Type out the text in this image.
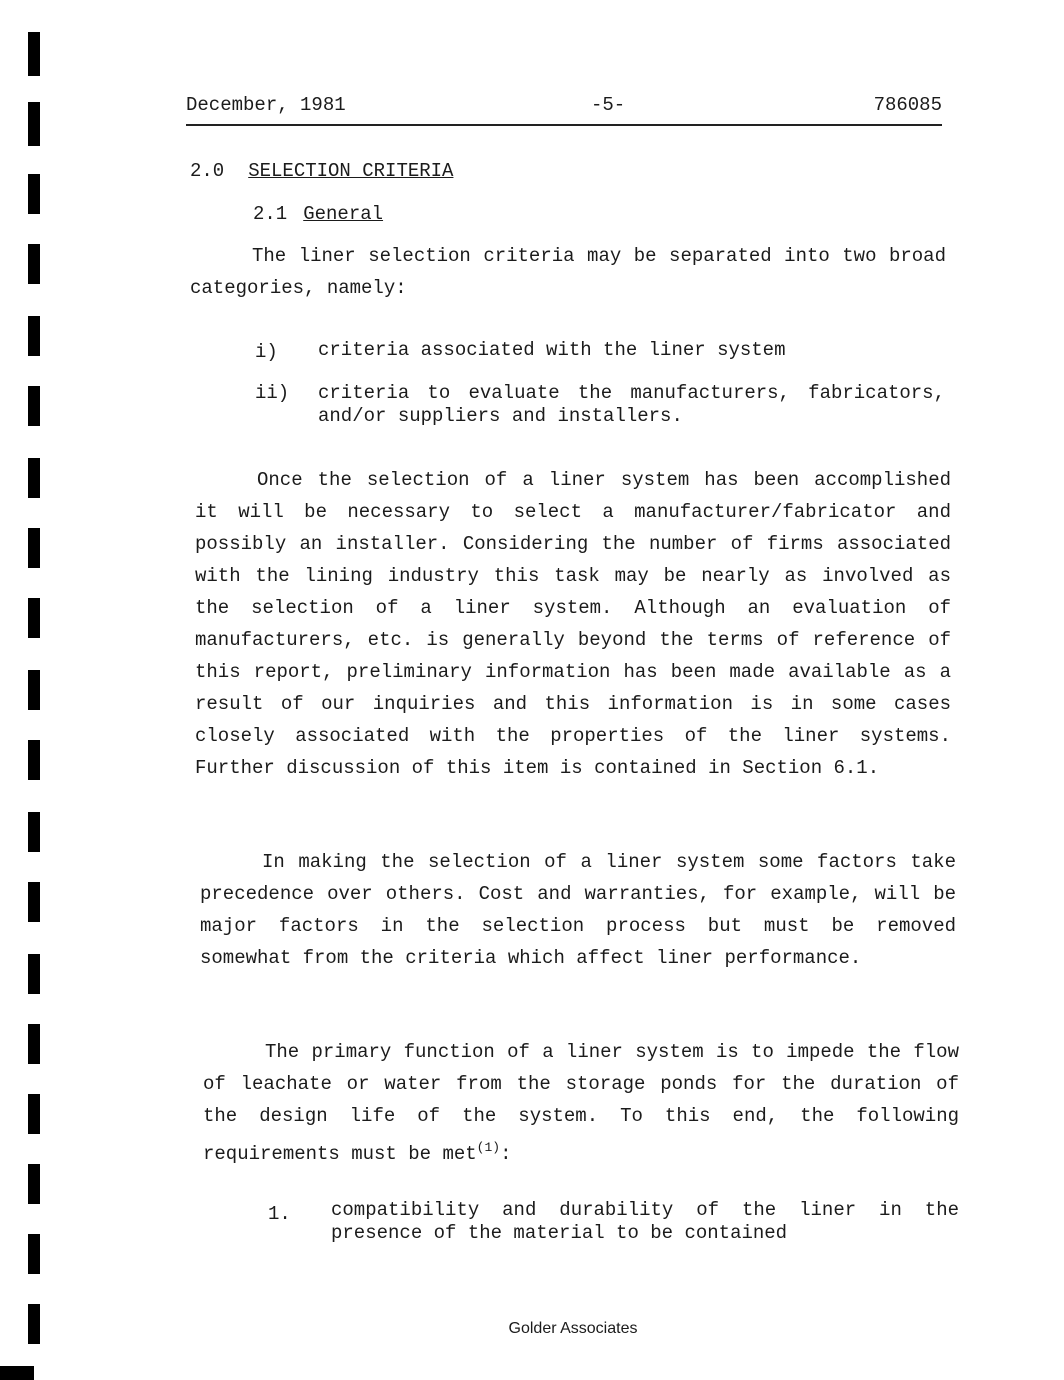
December, 1981	-5-	786085
2.0 SELECTION CRITERIA
2.1 General

The liner selection criteria may be separated into two broad categories, namely:

i) criteria associated with the liner system
ii) criteria to evaluate the manufacturers, fabricators, and/or suppliers and installers.

Once the selection of a liner system has been accomplished it will be necessary to select a manufacturer/fabricator and possibly an installer. Considering the number of firms associated with the lining industry this task may be nearly as involved as the selection of a liner system. Although an evaluation of manufacturers, etc. is generally beyond the terms of reference of this report, preliminary information has been made available as a result of our inquiries and this information is in some cases closely associated with the properties of the liner systems. Further discussion of this item is contained in Section 6.1.

In making the selection of a liner system some factors take precedence over others. Cost and warranties, for example, will be major factors in the selection process but must be removed somewhat from the criteria which affect liner performance.

The primary function of a liner system is to impede the flow of leachate or water from the storage ponds for the duration of the design life of the system. To this end, the following requirements must be met$^{(1)}$:

1. compatibility and durability of the liner in the presence of the material to be contained
Golder Associates
